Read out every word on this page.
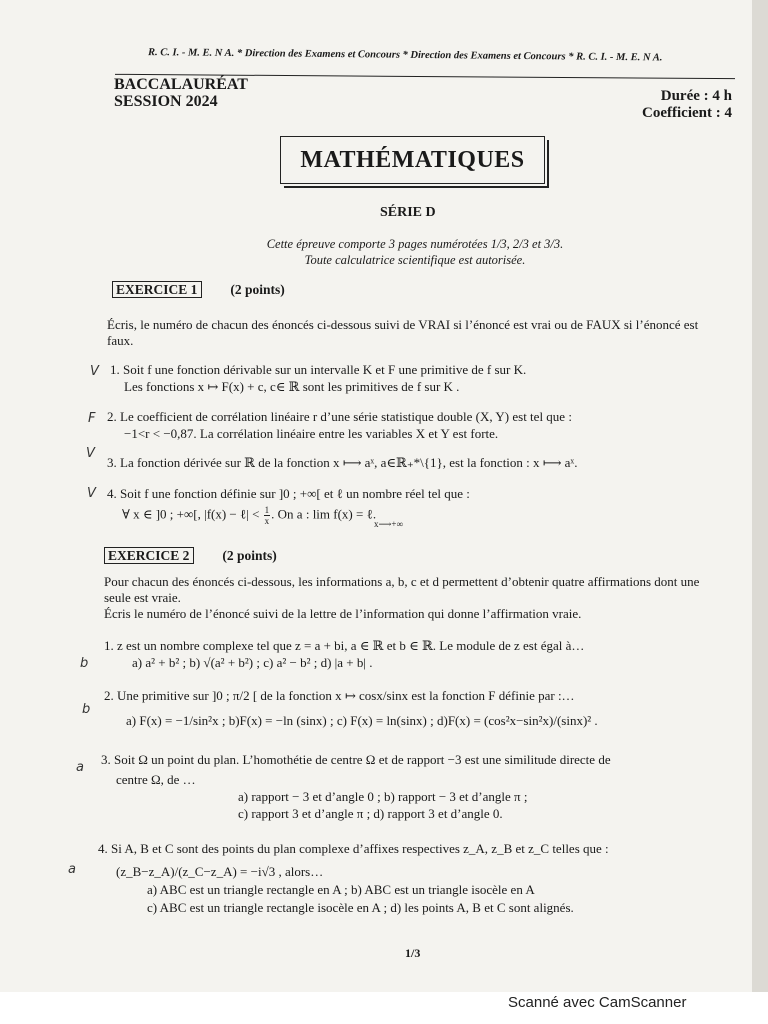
R. C. I. - M. E. N A. * Direction des Examens et Concours * Direction des Examens et Concours * R. C. I. - M. E. N A.
BACCALAURÉAT
SESSION 2024	Durée : 4 h
Coefficient : 4
MATHÉMATIQUES
SÉRIE D
Cette épreuve comporte 3 pages numérotées 1/3, 2/3 et 3/3.
Toute calculatrice scientifique est autorisée.
EXERCICE 1 (2 points)
Écris, le numéro de chacun des énoncés ci-dessous suivi de VRAI si l’énoncé est vrai ou de FAUX si l’énoncé est faux.
1. Soit f une fonction dérivable sur un intervalle K et F une primitive de f sur K.
Les fonctions x ↦ F(x) + c, c∈ ℝ sont les primitives de f sur K .
2. Le coefficient de corrélation linéaire r d’une série statistique double (X, Y) est tel que :
−1<r < −0,87. La corrélation linéaire entre les variables X et Y est forte.
3. La fonction dérivée sur ℝ de la fonction x ⟼ aˣ, a∈ℝ₊*\{1}, est la fonction : x ⟼ aˣ.
4. Soit f une fonction définie sur ]0 ; +∞[ et ℓ un nombre réel tel que :
∀ x ∈ ]0 ; +∞[, |f(x) − ℓ| < $\frac{1}{x}$ . On a : lim f(x) = ℓ.
x⟶+∞
EXERCICE 2 (2 points)
Pour chacun des énoncés ci-dessous, les informations a, b, c et d permettent d’obtenir quatre affirmations dont une seule est vraie.
Écris le numéro de l’énoncé suivi de la lettre de l’information qui donne l’affirmation vraie.
1. z est un nombre complexe tel que z = a + bi, a ∈ ℝ et b ∈ ℝ. Le module de z est égal à…
a) a² + b² ; b) √(a² + b²) ; c) a² − b² ; d) |a + b| .
2. Une primitive sur ]0 ; π/2 [ de la fonction x ↦ cosx/sinx est la fonction F définie par :…
a) F(x) = −1/sin²x ; b)F(x) = −ln (sinx) ; c) F(x) = ln(sinx) ; d)F(x) = (cos²x−sin²x)/(sinx)² .
3. Soit Ω un point du plan. L’homothétie de centre Ω et de rapport −3 est une similitude directe de
centre Ω, de …
a) rapport − 3 et d’angle 0 ; b) rapport − 3 et d’angle π ;
c) rapport 3 et d’angle π ; d) rapport 3 et d’angle 0.
4. Si A, B et C sont des points du plan complexe d’affixes respectives z_A, z_B et z_C telles que :
(z_B−z_A)/(z_C−z_A) = −i√3 , alors…
a) ABC est un triangle rectangle en A ; b) ABC est un triangle isocèle en A
c) ABC est un triangle rectangle isocèle en A ; d) les points A, B et C sont alignés.
V
F
V
V
b
b
a
a
1/3
Scanné avec CamScanner
